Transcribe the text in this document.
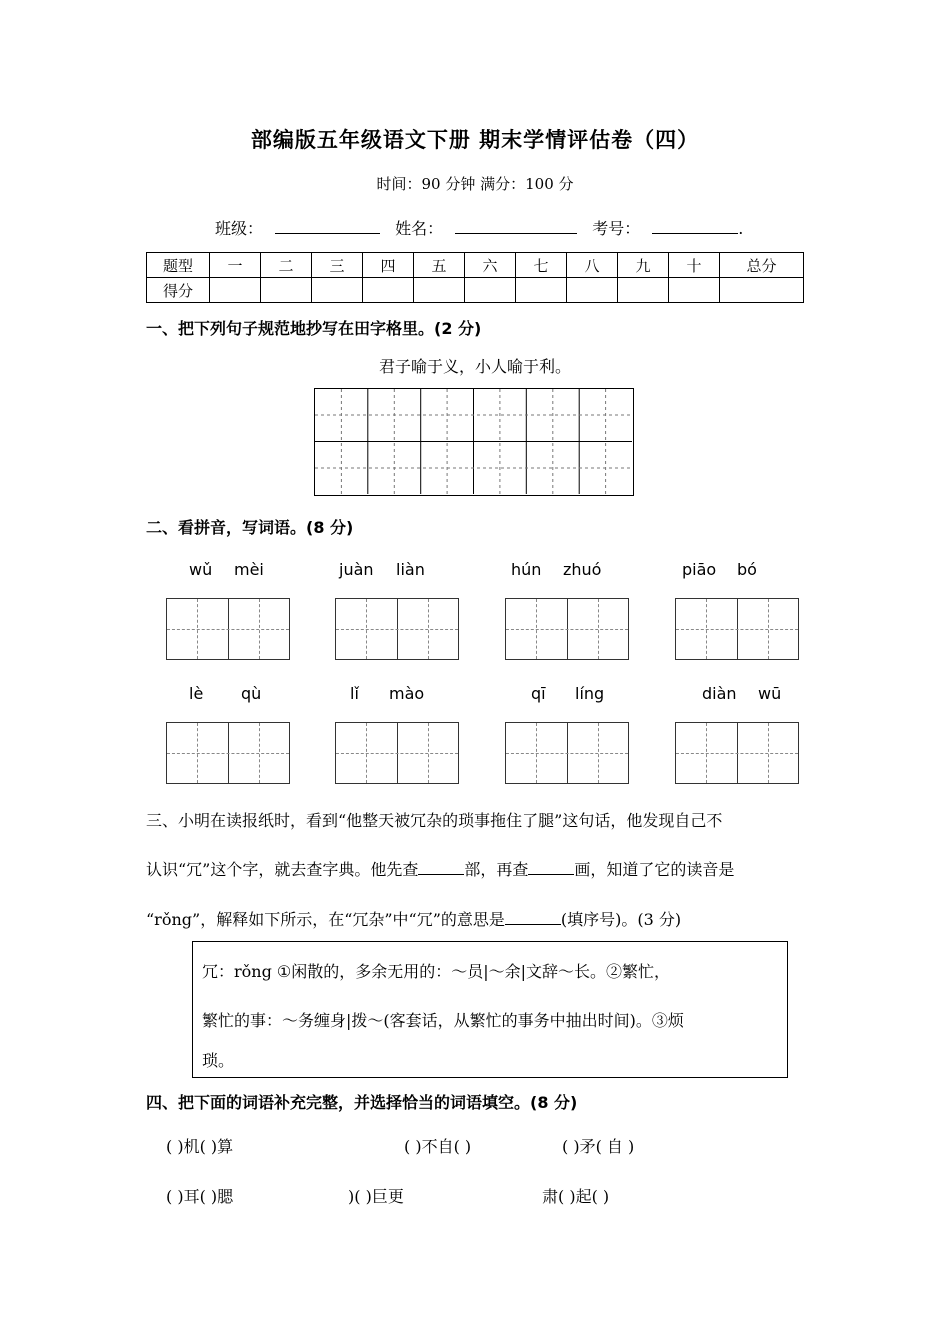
部编版五年级语文下册 期末学情评估卷（四）
时间：90 分钟 满分：100 分
班级：	姓名：	考号：	.
题型	一	二	三	四	五	六	七	八	九	十	总分
得分											
一、把下列句子规范地抄写在田字格里。(2 分)
君子喻于义，小人喻于利。
二、看拼音，写词语。(8 分)
wǔ mèi	juàn liàn	hún zhuó	piāo bó
lè qù	lǐ mào	qī líng	diàn wū
三、小明在读报纸时，看到“他整天被冗杂的琐事拖住了腿”这句话，他发现自己不
认识“冗”这个字，就去查字典。他先查	部，再查	画，知道了它的读音是
“rǒng”，解释如下所示，在“冗杂”中“冗”的意思是	(填序号)。(3 分)
冗：rǒng ①闲散的，多余无用的：～员|～余|文辞～长。②繁忙，
繁忙的事：～务缠身|拨～(客套话，从繁忙的事务中抽出时间)。③烦
琐。
四、把下面的词语补充完整，并选择恰当的词语填空。(8 分)
( )机( )算	( )不自( )	( )矛( 自 )
( )耳( )腮	)( )巨更	肃( )起( )
